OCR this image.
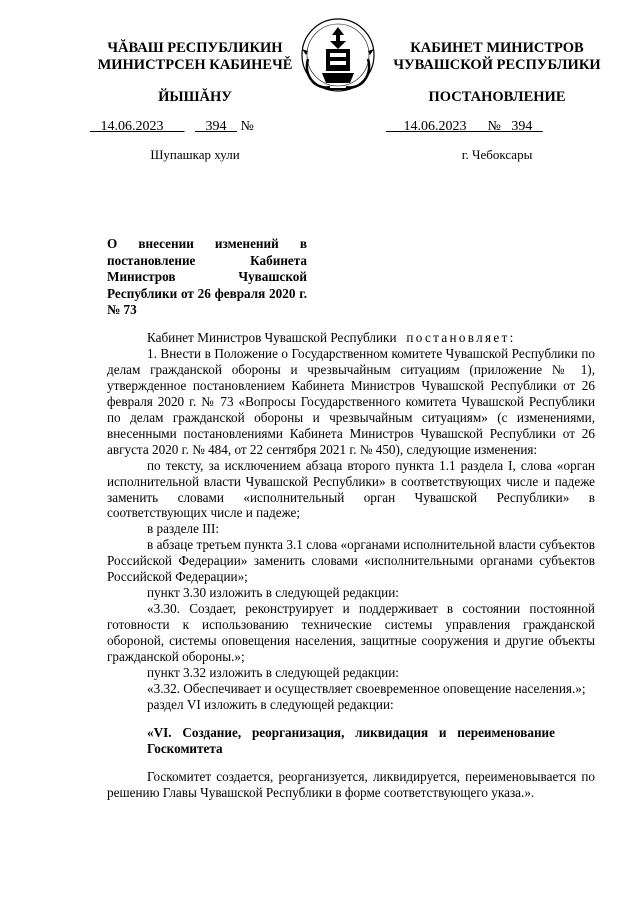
ЧĂВАШ РЕСПУБЛИКИН
МИНИСТРСЕН КАБИНЕЧĚ
ЙЫШĂНУ
КАБИНЕТ МИНИСТРОВ
ЧУВАШСКОЙ РЕСПУБЛИКИ
ПОСТАНОВЛЕНИЕ
14.06.2023	394 №	14.06.2023 № 394
Шупашкар хули	г. Чебоксары
О внесении изменений в постановление Кабинета Министров Чувашской Республики от 26 февраля 2020 г. № 73

Кабинет Министров Чувашской Республики постановляет:

1. Внести в Положение о Государственном комитете Чувашской Республики по делам гражданской обороны и чрезвычайным ситуациям (приложение № 1), утвержденное постановлением Кабинета Министров Чувашской Республики от 26 февраля 2020 г. № 73 «Вопросы Государственного комитета Чувашской Республики по делам гражданской обороны и чрезвычайным ситуациям» (с изменениями, внесенными постановлениями Кабинета Министров Чувашской Республики от 26 августа 2020 г. № 484, от 22 сентября 2021 г. № 450), следующие изменения:

по тексту, за исключением абзаца второго пункта 1.1 раздела I, слова «орган исполнительной власти Чувашской Республики» в соответствующих числе и падеже заменить словами «исполнительный орган Чувашской Республики» в соответствующих числе и падеже;

в разделе III:

в абзаце третьем пункта 3.1 слова «органами исполнительной власти субъектов Российской Федерации» заменить словами «исполнительными органами субъектов Российской Федерации»;

пункт 3.30 изложить в следующей редакции:

«3.30. Создает, реконструирует и поддерживает в состоянии постоянной готовности к использованию технические системы управления гражданской обороной, системы оповещения населения, защитные сооружения и другие объекты гражданской обороны.»;

пункт 3.32 изложить в следующей редакции:

«3.32. Обеспечивает и осуществляет своевременное оповещение населения.»;

раздел VI изложить в следующей редакции:

«VI. Создание, реорганизация, ликвидация и переименование Госкомитета

Госкомитет создается, реорганизуется, ликвидируется, переименовывается по решению Главы Чувашской Республики в форме соответствующего указа.».
